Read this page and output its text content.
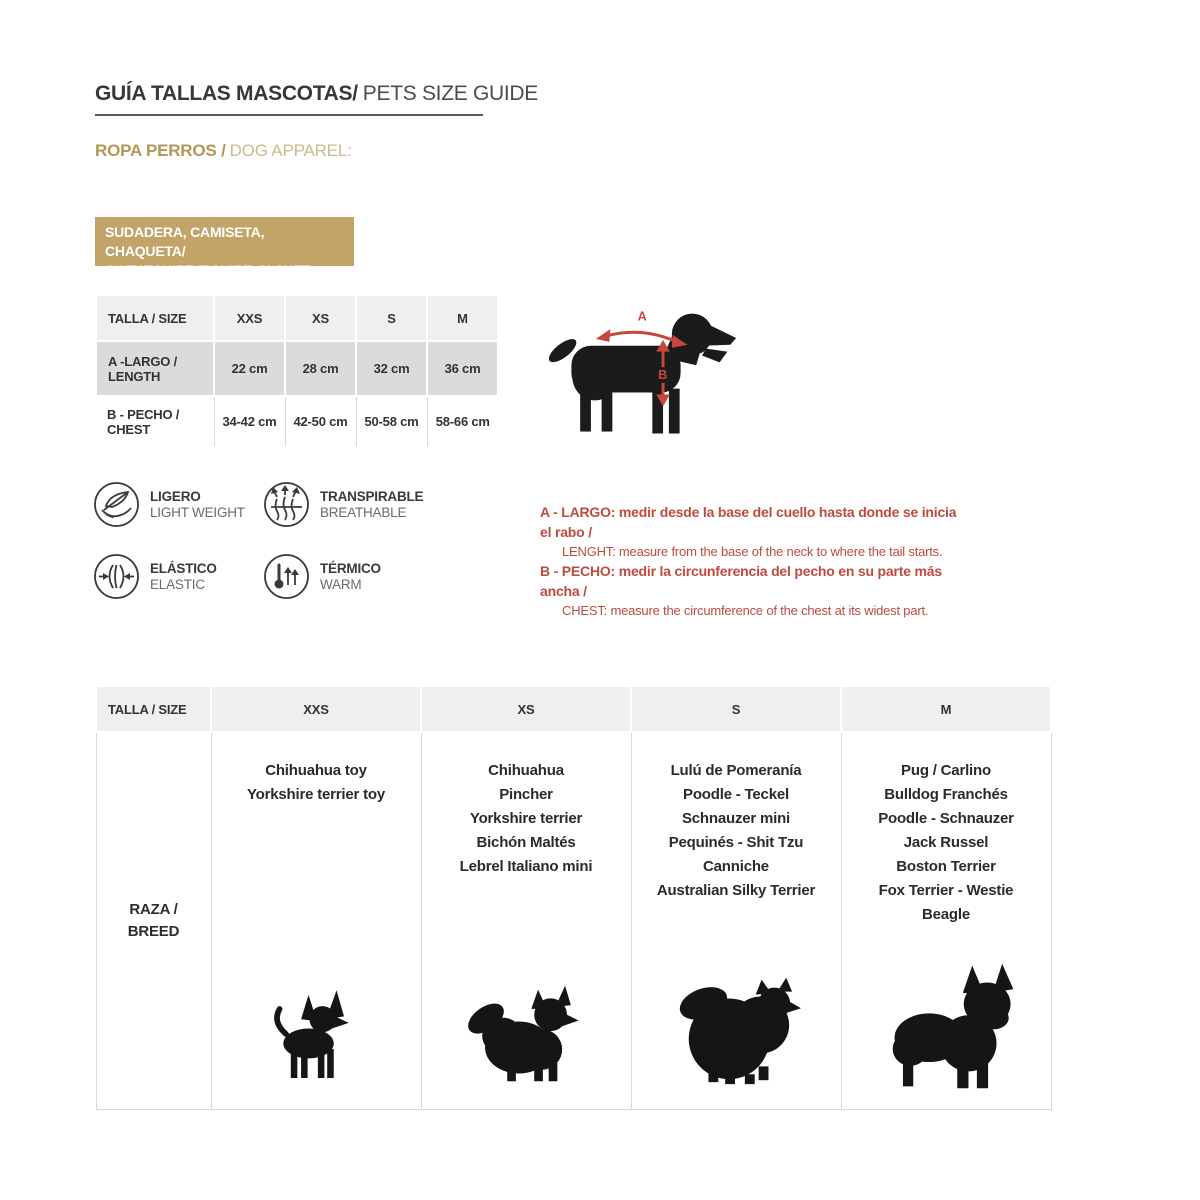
GUÍA TALLAS MASCOTAS/ PETS SIZE GUIDE
ROPA PERROS / DOG APPAREL:
SUDADERA, CAMISETA, CHAQUETA/
SWEATSHIRT, T-SHIRT, JACKET
TALLA / SIZE	XXS	XS	S	M
A -LARGO / LENGTH	22 cm	28 cm	32 cm	36 cm
B - PECHO / CHEST	34-42 cm	42-50 cm	50-58 cm	58-66 cm
A
B
LIGERO
LIGHT WEIGHT
TRANSPIRABLE
BREATHABLE
ELÁSTICO
ELASTIC
TÉRMICO
WARM
A - LARGO: medir desde la base del cuello hasta donde se inicia el rabo /
LENGHT: measure from the base of the neck to where the tail starts.
B - PECHO: medir la circunferencia del pecho en su parte más ancha /
CHEST: measure the circumference of the chest at its widest part.
TALLA / SIZE	XXS	XS	S	M

RAZA /
BREED

Chihuahua toy
Yorkshire terrier toy

Chihuahua
Pincher
Yorkshire terrier
Bichón Maltés
Lebrel Italiano mini

Lulú de Pomeranía
Poodle - Teckel
Schnauzer mini
Pequinés - Shit Tzu
Canniche
Australian Silky Terrier

Pug / Carlino
Bulldog Franchés
Poodle - Schnauzer
Jack Russel
Boston Terrier
Fox Terrier - Westie
Beagle
